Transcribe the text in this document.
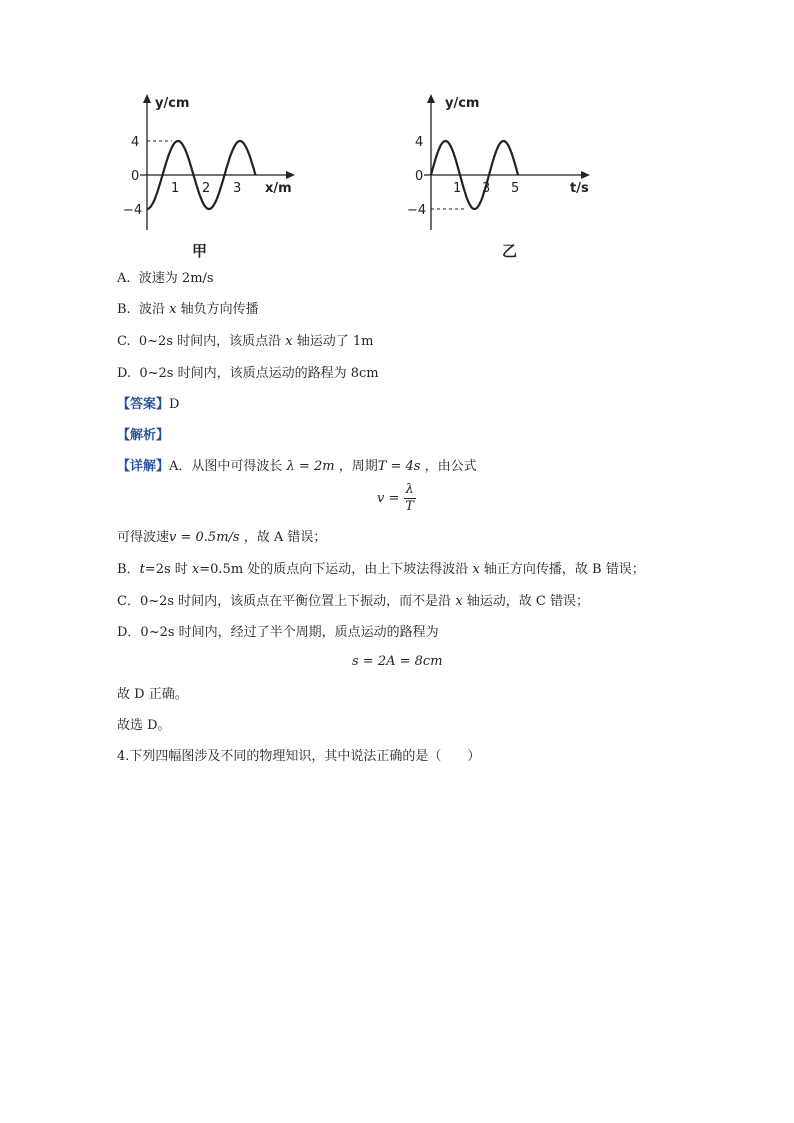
y/cm
x/m
4
0
−4
1 2 3
甲
y/cm
t/s
4
0
−4
1 3 5
乙
A. 波速为 2m/s
B. 波沿 x 轴负方向传播
C. 0~2s 时间内，该质点沿 x 轴运动了 1m
D. 0~2s 时间内，该质点运动的路程为 8cm
【答案】D
【解析】
【详解】A．从图中可得波长 λ = 2m ，周期T = 4s ，由公式
$v = \frac{\lambda}{T}$
可得波速v = 0.5m/s ，故 A 错误；
B．t=2s 时 x=0.5m 处的质点向下运动，由上下坡法得波沿 x 轴正方向传播，故 B 错误；
C．0~2s 时间内，该质点在平衡位置上下振动，而不是沿 x 轴运动，故 C 错误；
D．0~2s 时间内，经过了半个周期，质点运动的路程为
s = 2A = 8cm
故 D 正确。
故选 D。
4.下列四幅图涉及不同的物理知识，其中说法正确的是（　　）
